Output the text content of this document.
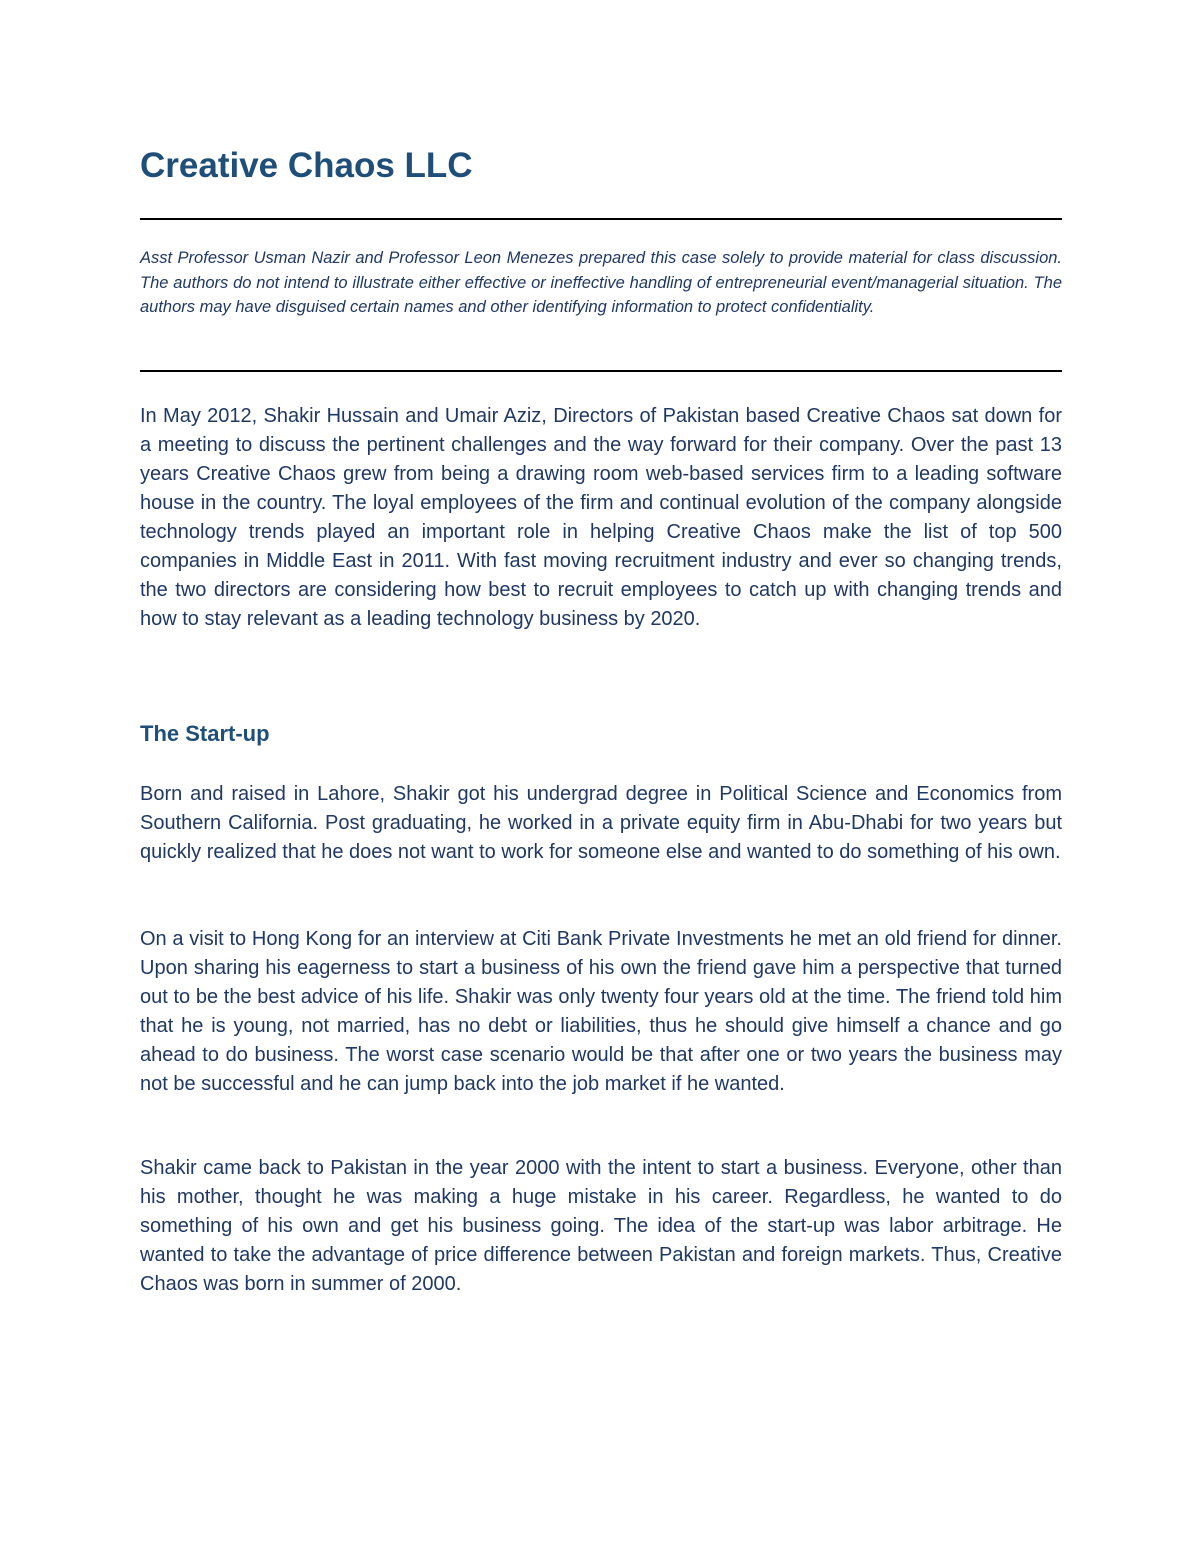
Creative Chaos LLC

Asst Professor Usman Nazir and Professor Leon Menezes prepared this case solely to provide material for class discussion. The authors do not intend to illustrate either effective or ineffective handling of entrepreneurial event/managerial situation. The authors may have disguised certain names and other identifying information to protect confidentiality.

In May 2012, Shakir Hussain and Umair Aziz, Directors of Pakistan based Creative Chaos sat down for a meeting to discuss the pertinent challenges and the way forward for their company. Over the past 13 years Creative Chaos grew from being a drawing room web-based services firm to a leading software house in the country. The loyal employees of the firm and continual evolution of the company alongside technology trends played an important role in helping Creative Chaos make the list of top 500 companies in Middle East in 2011. With fast moving recruitment industry and ever so changing trends, the two directors are considering how best to recruit employees to catch up with changing trends and how to stay relevant as a leading technology business by 2020.

The Start-up

Born and raised in Lahore, Shakir got his undergrad degree in Political Science and Economics from Southern California. Post graduating, he worked in a private equity firm in Abu-Dhabi for two years but quickly realized that he does not want to work for someone else and wanted to do something of his own.

On a visit to Hong Kong for an interview at Citi Bank Private Investments he met an old friend for dinner. Upon sharing his eagerness to start a business of his own the friend gave him a perspective that turned out to be the best advice of his life. Shakir was only twenty four years old at the time. The friend told him that he is young, not married, has no debt or liabilities, thus he should give himself a chance and go ahead to do business. The worst case scenario would be that after one or two years the business may not be successful and he can jump back into the job market if he wanted.

Shakir came back to Pakistan in the year 2000 with the intent to start a business. Everyone, other than his mother, thought he was making a huge mistake in his career. Regardless, he wanted to do something of his own and get his business going. The idea of the start-up was labor arbitrage. He wanted to take the advantage of price difference between Pakistan and foreign markets. Thus, Creative Chaos was born in summer of 2000.
